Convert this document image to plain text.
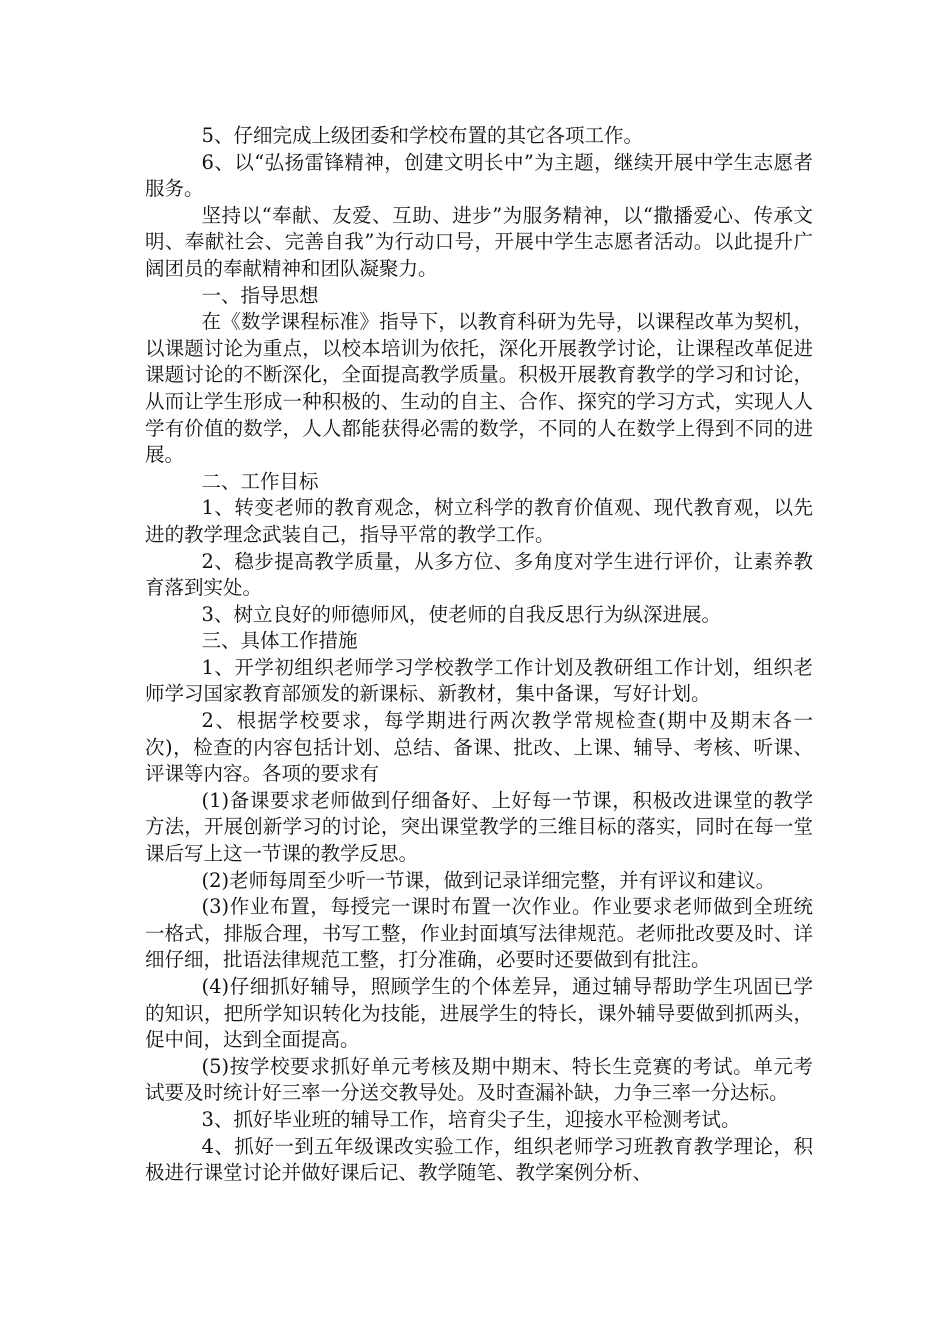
5、仔细完成上级团委和学校布置的其它各项工作。

6、以“弘扬雷锋精神，创建文明长中”为主题，继续开展中学生志愿者服务。

坚持以“奉献、友爱、互助、进步”为服务精神，以“撒播爱心、传承文明、奉献社会、完善自我”为行动口号，开展中学生志愿者活动。以此提升广阔团员的奉献精神和团队凝聚力。

一、指导思想

在《数学课程标准》指导下，以教育科研为先导，以课程改革为契机，以课题讨论为重点，以校本培训为依托，深化开展教学讨论，让课程改革促进课题讨论的不断深化，全面提高教学质量。积极开展教育教学的学习和讨论，从而让学生形成一种积极的、生动的自主、合作、探究的学习方式，实现人人学有价值的数学，人人都能获得必需的数学，不同的人在数学上得到不同的进展。

二、工作目标

1、转变老师的教育观念，树立科学的教育价值观、现代教育观，以先进的教学理念武装自己，指导平常的教学工作。

2、稳步提高教学质量，从多方位、多角度对学生进行评价，让素养教育落到实处。

3、树立良好的师德师风，使老师的自我反思行为纵深进展。

三、具体工作措施

1、开学初组织老师学习学校教学工作计划及教研组工作计划，组织老师学习国家教育部颁发的新课标、新教材，集中备课，写好计划。

2、根据学校要求，每学期进行两次教学常规检查(期中及期末各一次)，检查的内容包括计划、总结、备课、批改、上课、辅导、考核、听课、评课等内容。各项的要求有

(1)备课要求老师做到仔细备好、上好每一节课，积极改进课堂的教学方法，开展创新学习的讨论，突出课堂教学的三维目标的落实，同时在每一堂课后写上这一节课的教学反思。

(2)老师每周至少听一节课，做到记录详细完整，并有评议和建议。

(3)作业布置，每授完一课时布置一次作业。作业要求老师做到全班统一格式，排版合理，书写工整，作业封面填写法律规范。老师批改要及时、详细仔细，批语法律规范工整，打分准确，必要时还要做到有批注。

(4)仔细抓好辅导，照顾学生的个体差异，通过辅导帮助学生巩固已学的知识，把所学知识转化为技能，进展学生的特长，课外辅导要做到抓两头，促中间，达到全面提高。

(5)按学校要求抓好单元考核及期中期末、特长生竞赛的考试。单元考试要及时统计好三率一分送交教导处。及时查漏补缺，力争三率一分达标。

3、抓好毕业班的辅导工作，培育尖子生，迎接水平检测考试。

4、抓好一到五年级课改实验工作，组织老师学习班教育教学理论，积极进行课堂讨论并做好课后记、教学随笔、教学案例分析、
